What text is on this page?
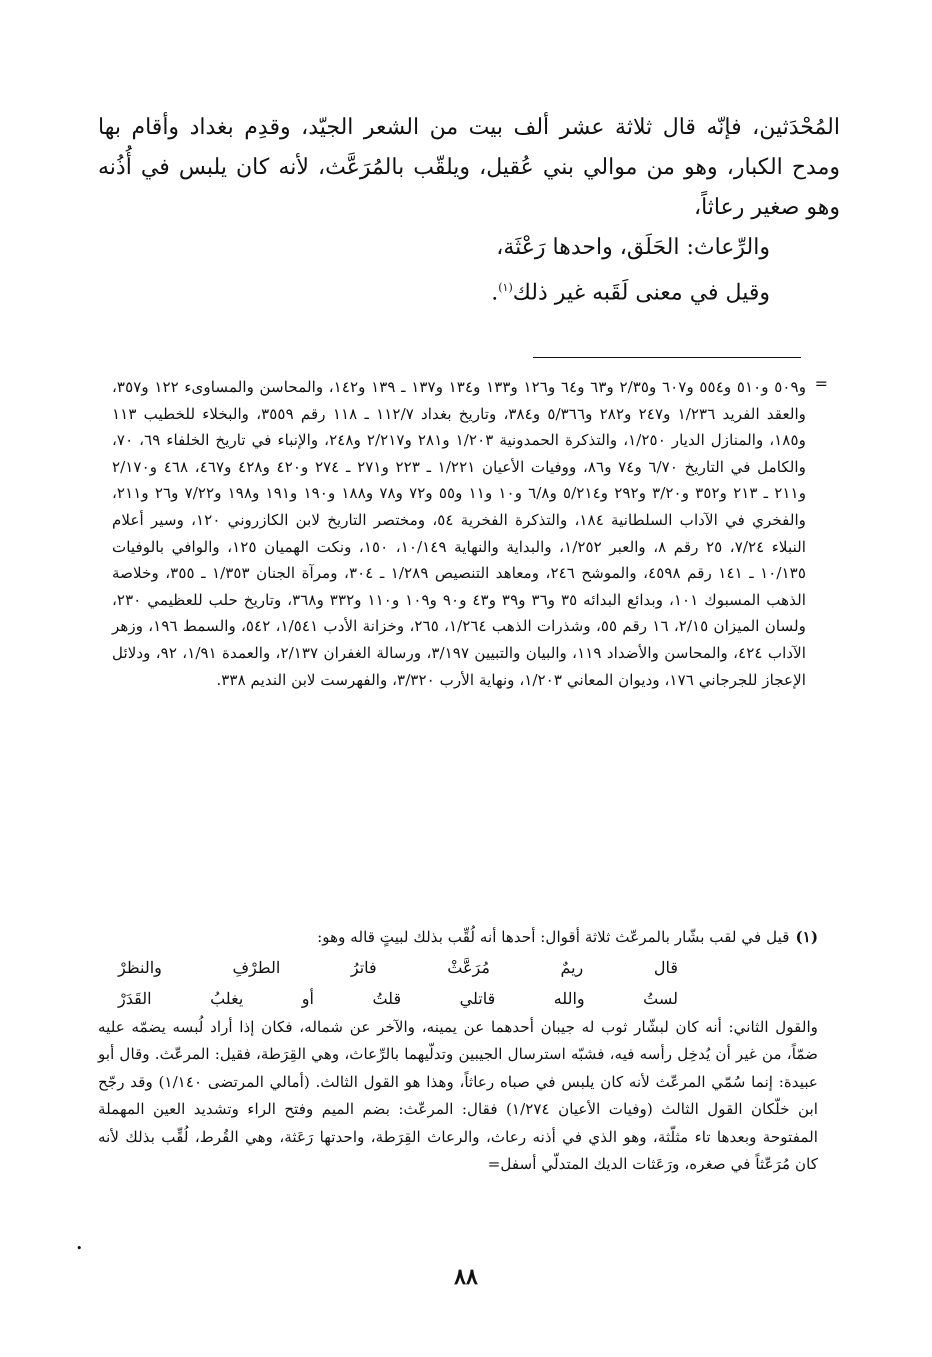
المُحْدَثين، فإنّه قال ثلاثة عشر ألف بيت من الشعر الجيّد، وقدِم بغداد وأقام بها ومدح الكبار، وهو من موالي بني عُقيل، ويلقّب بالمُرَعَّث، لأنه كان يلبس في أُذُنه وهو صغير رعاثاً،

والرِّعاث: الحَلَق، واحدها رَعْثَة،

وقيل في معنى لَقَبه غير ذلك$^{(١)}$.

=

و٥٠٩ و٥١٠ و٥٥٤ و٦٠٧ و٢/٣٥ و٦٣ و٦٤ و١٢٦ و١٣٣ و١٣٤ و١٣٧ ـ ١٣٩ و١٤٢، والمحاسن والمساوىء ١٢٢ و٣٥٧، والعقد الفريد ١/٢٣٦ و٢٤٧ و٢٨٢ و٥/٣٦٦ و٣٨٤، وتاريخ بغداد ١١٢/٧ ـ ١١٨ رقم ٣٥٥٩، والبخلاء للخطيب ١١٣ و١٨٥، والمنازل الديار ١/٢٥٠، والتذكرة الحمدونية ١/٢٠٣ و٢٨١ و٢/٢١٧ و٢٤٨، والإنباء في تاريخ الخلفاء ٦٩، ٧٠، والكامل في التاريخ ٦/٧٠ و٧٤ و٨٦، ووفيات الأعيان ١/٢٢١ ـ ٢٢٣ و٢٧١ ـ ٢٧٤ و٤٢٠ و٤٢٨ و٤٦٧، ٤٦٨ و٢/١٧٠ و٢١١ ـ ٢١٣ و٣٥٢ و٣/٢٠ و٢٩٢ و٥/٢١٤ و٦/٨ و١٠ و١١ و٥٥ و٧٢ و٧٨ و١٨٨ و١٩٠ و١٩١ و١٩٨ و٧/٢٢ و٢٦ و٢١١، والفخري في الآداب السلطانية ١٨٤، والتذكرة الفخرية ٥٤، ومختصر التاريخ لابن الكازروني ١٢٠، وسير أعلام النبلاء ٧/٢٤، ٢٥ رقم ٨، والعبر ١/٢٥٢، والبداية والنهاية ١٠/١٤٩، ١٥٠، ونكت الهميان ١٢٥، والوافي بالوفيات ١٠/١٣٥ ـ ١٤١ رقم ٤٥٩٨، والموشح ٢٤٦، ومعاهد التنصيص ١/٢٨٩ ـ ٣٠٤، ومرآة الجنان ١/٣٥٣ ـ ٣٥٥، وخلاصة الذهب المسبوك ١٠١، وبدائع البدائه ٣٥ و٣٦ و٣٩ و٤٣ و٩٠ و١٠٩ و١١٠ و٣٣٢ و٣٦٨، وتاريخ حلب للعظيمي ٢٣٠، ولسان الميزان ٢/١٥، ١٦ رقم ٥٥، وشذرات الذهب ١/٢٦٤، ٢٦٥، وخزانة الأدب ١/٥٤١، ٥٤٢، والسمط ١٩٦، وزهر الآداب ٤٢٤، والمحاسن والأضداد ١١٩، والبيان والتبيين ٣/١٩٧، ورسالة الغفران ٢/١٣٧، والعمدة ١/٩١، ٩٢، ودلائل الإعجاز للجرجاني ١٧٦، وديوان المعاني ١/٢٠٣، ونهاية الأرب ٣/٣٢٠، والفهرست لابن النديم ٣٣٨.

(١)قيل في لقب بشّار بالمرعّث ثلاثة أقوال: أحدها أنه لُقِّب بذلك لبيتٍ قاله وهو:

قال
ريمٌ
مُرَعَّثْ
فاترُ
الطرْفِ
والنظرْ
لستُ
والله
قاتلي
قلتُ
أو
يغلبُ
القَدَرْ

والقول الثاني: أنه كان لبشّار ثوب له جيبان أحدهما عن يمينه، والآخر عن شماله، فكان إذا أراد لُبسه يضمّه عليه ضمّاً، من غير أن يُدخِل رأسه فيه، فشبّه استرسال الجيبين وتدلّيهما بالرِّعاث، وهي القِرَطة، فقيل: المرعّث. وقال أبو عبيدة: إنما سُمّي المرعّث لأنه كان يلبس في صباه رعاثاً، وهذا هو القول الثالث. (أمالي المرتضى ١/١٤٠) وقد رجّح ابن خلّكان القول الثالث (وفيات الأعيان ١/٢٧٤) فقال: المرعّث: بضم الميم وفتح الراء وتشديد العين المهملة المفتوحة وبعدها تاء مثلّثة، وهو الذي في أذنه رعاث، والرعاث القِرَطة، واحدتها رَعَثة، وهي القُرط، لُقِّب بذلك لأنه كان مُرَعّثاً في صغره، ورَعَثات الديك المتدلّي أسفل=

•
٨٨
